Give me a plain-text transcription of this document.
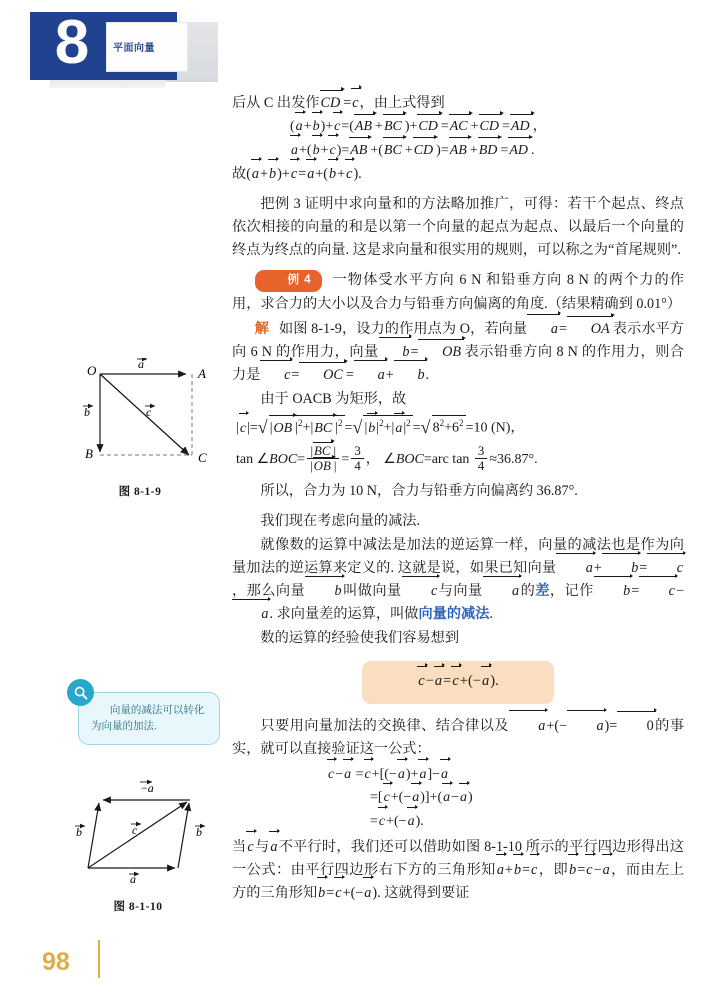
8	平面向量
O	A
B	C
a
b	c
图 8-1-9
向量的减法可以转化为向量的加法.
−a
b	b
c
a
图 8-1-10
后从 C 出发作CD =c，由上式得到
(a+b)+c=(AB +BC )+CD =AC +CD =AD ，
a+(b+c)=AB +(BC +CD )=AB +BD =AD .
故(a+b)+c=a+(b+c).
把例 3 证明中求向量和的方法略加推广，可得：若干个起点、终点依次相接的向量的和是以第一个向量的起点为起点、以最后一个向量的终点为终点的向量. 这是求向量和很实用的规则，可以称之为“首尾规则”.
例 4 一物体受水平方向 6 N 和铅垂方向 8 N 的两个力的作用，求合力的大小以及合力与铅垂方向偏离的角度.（结果精确到 0.01°）
解 如图 8-1-9，设力的作用点为 O，若向量 a= OA 表示水平方向 6 N 的作用力，向量 b= OB 表示铅垂方向 8 N 的作用力，则合力是 c= OC = a+ b.
由于 OACB 为矩形，故
|c|= √ |OB $|^2+|BC$ $|^2$ = √ $|b|^2+|a|^2$ = √ $8^2+6^2 =10$ (N)，
tan ∠BOC= $\frac{|BC |}{|OB |} = \frac{3}{4}$ ， ∠BOC=arc $\tan \frac{3}{4} \approx 36.87^\circ$.
所以，合力为 10 N，合力与铅垂方向偏离约 36.87°.
我们现在考虑向量的减法.
就像数的运算中减法是加法的逆运算一样，向量的减法也是作为向量加法的逆运算来定义的. 这就是说，如果已知向量 a+ b= c，那么向量 b叫做向量 c与向量 a的差，记作 b= c−a. 求向量差的运算，叫做向量的减法.
数的运算的经验使我们容易想到
c−a=c+(−a).
只要用向量加法的交换律、结合律以及 a+(− a)= 0的事实，就可以直接验证这一公式：
c−a =c+[(−a)+a]−a
=[c+(−a)]+(a−a)
=c+(−a).
当c与a不平行时，我们还可以借助如图 8-1-10 所示的平行四边形得出这一公式：由平行四边形右下方的三角形知a+b=c，即b=c−a，而由左上方的三角形知b=c+(−a). 这就得到要证
98
